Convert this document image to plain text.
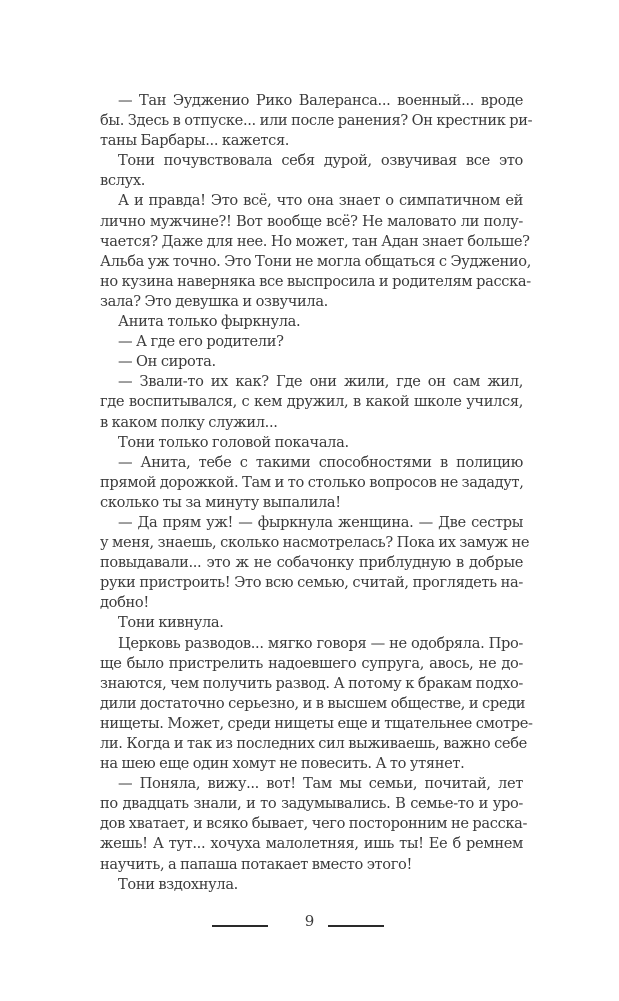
— Тан Эудженио Рико Валеранса... военный... вроде
бы. Здесь в отпуске... или после ранения? Он крестник ри-
таны Барбары... кажется.
Тони почувствовала себя дурой, озвучивая все это
вслух.
А и правда! Это всё, что она знает о симпатичном ей
лично мужчине?! Вот вообще всё? Не маловато ли полу-
чается? Даже для нее. Но может, тан Адан знает больше?
Альба уж точно. Это Тони не могла общаться с Эудженио,
но кузина наверняка все выспросила и родителям расска-
зала? Это девушка и озвучила.
Анита только фыркнула.
— А где его родители?
— Он сирота.
— Звали-то их как? Где они жили, где он сам жил,
где воспитывался, с кем дружил, в какой школе учился,
в каком полку служил...
Тони только головой покачала.
— Анита, тебе с такими способностями в полицию
прямой дорожкой. Там и то столько вопросов не зададут,
сколько ты за минуту выпалила!
— Да прям уж! — фыркнула женщина. — Две сестры
у меня, знаешь, сколько насмотрелась? Пока их замуж не
повыдавали... это ж не собачонку приблудную в добрые
руки пристроить! Это всю семью, считай, проглядеть на-
добно!
Тони кивнула.
Церковь разводов... мягко говоря — не одобряла. Про-
ще было пристрелить надоевшего супруга, авось, не до-
знаются, чем получить развод. А потому к бракам подхо-
дили достаточно серьезно, и в высшем обществе, и среди
нищеты. Может, среди нищеты еще и тщательнее смотре-
ли. Когда и так из последних сил выживаешь, важно себе
на шею еще один хомут не повесить. А то утянет.
— Поняла, вижу... вот! Там мы семьи, почитай, лет
по двадцать знали, и то задумывались. В семье-то и уро-
дов хватает, и всяко бывает, чего посторонним не расска-
жешь! А тут... хочуха малолетняя, ишь ты! Ее б ремнем
научить, а папаша потакает вместо этого!
Тони вздохнула.
9
